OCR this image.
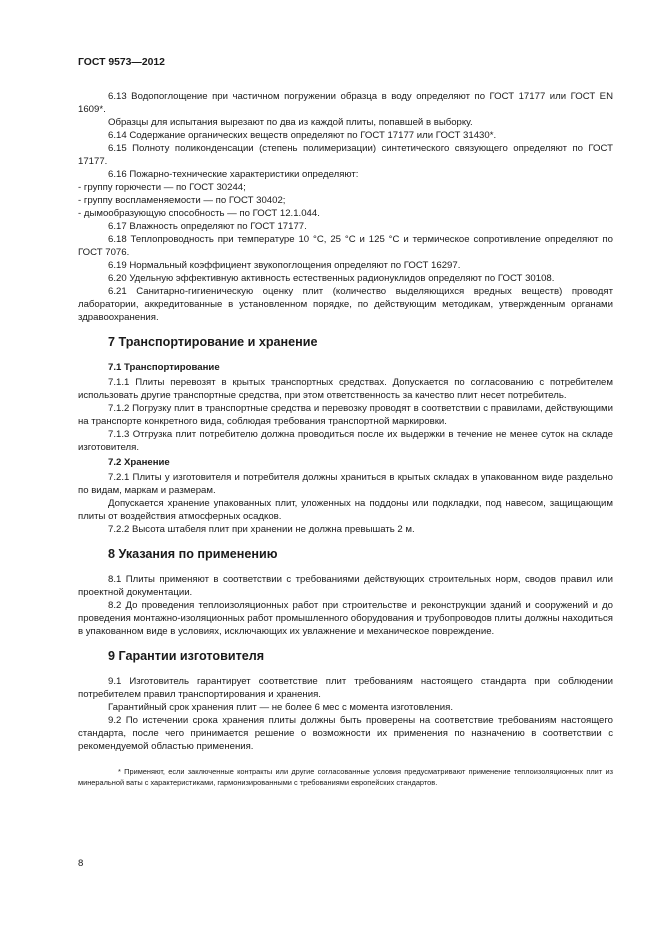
ГОСТ 9573—2012

6.13 Водопоглощение при частичном погружении образца в воду определяют по ГОСТ 17177 или ГОСТ EN 1609*.

Образцы для испытания вырезают по два из каждой плиты, попавшей в выборку.

6.14 Содержание органических веществ определяют по ГОСТ 17177 или ГОСТ 31430*.

6.15 Полноту поликонденсации (степень полимеризации) синтетического связующего определяют по ГОСТ 17177.

6.16 Пожарно-технические характеристики определяют:

- группу горючести — по ГОСТ 30244;

- группу воспламеняемости — по ГОСТ 30402;

- дымообразующую способность — по ГОСТ 12.1.044.

6.17 Влажность определяют по ГОСТ 17177.

6.18 Теплопроводность при температуре 10 °С, 25 °С и 125 °С и термическое сопротивление определяют по ГОСТ 7076.

6.19 Нормальный коэффициент звукопоглощения определяют по ГОСТ 16297.

6.20 Удельную эффективную активность естественных радионуклидов определяют по ГОСТ 30108.

6.21 Санитарно-гигиеническую оценку плит (количество выделяющихся вредных веществ) проводят лаборатории, аккредитованные в установленном порядке, по действующим методикам, утвержденным органами здравоохранения.

7 Транспортирование и хранение
7.1 Транспортирование

7.1.1 Плиты перевозят в крытых транспортных средствах. Допускается по согласованию с потребителем использовать другие транспортные средства, при этом ответственность за качество плит несет потребитель.

7.1.2 Погрузку плит в транспортные средства и перевозку проводят в соответствии с правилами, действующими на транспорте конкретного вида, соблюдая требования транспортной маркировки.

7.1.3 Отгрузка плит потребителю должна проводиться после их выдержки в течение не менее суток на складе изготовителя.

7.2 Хранение

7.2.1 Плиты у изготовителя и потребителя должны храниться в крытых складах в упакованном виде раздельно по видам, маркам и размерам.

Допускается хранение упакованных плит, уложенных на поддоны или подкладки, под навесом, защищающим плиты от воздействия атмосферных осадков.

7.2.2 Высота штабеля плит при хранении не должна превышать 2 м.

8 Указания по применению

8.1 Плиты применяют в соответствии с требованиями действующих строительных норм, сводов правил или проектной документации.

8.2 До проведения теплоизоляционных работ при строительстве и реконструкции зданий и сооружений и до проведения монтажно-изоляционных работ промышленного оборудования и трубопроводов плиты должны находиться в упакованном виде в условиях, исключающих их увлажнение и механическое повреждение.

9 Гарантии изготовителя

9.1 Изготовитель гарантирует соответствие плит требованиям настоящего стандарта при соблюдении потребителем правил транспортирования и хранения.

Гарантийный срок хранения плит — не более 6 мес с момента изготовления.

9.2 По истечении срока хранения плиты должны быть проверены на соответствие требованиям настоящего стандарта, после чего принимается решение о возможности их применения по назначению в соответствии с рекомендуемой областью применения.

* Применяют, если заключенные контракты или другие согласованные условия предусматривают применение теплоизоляционных плит из минеральной ваты с характеристиками, гармонизированными с требованиями европейских стандартов.
8
